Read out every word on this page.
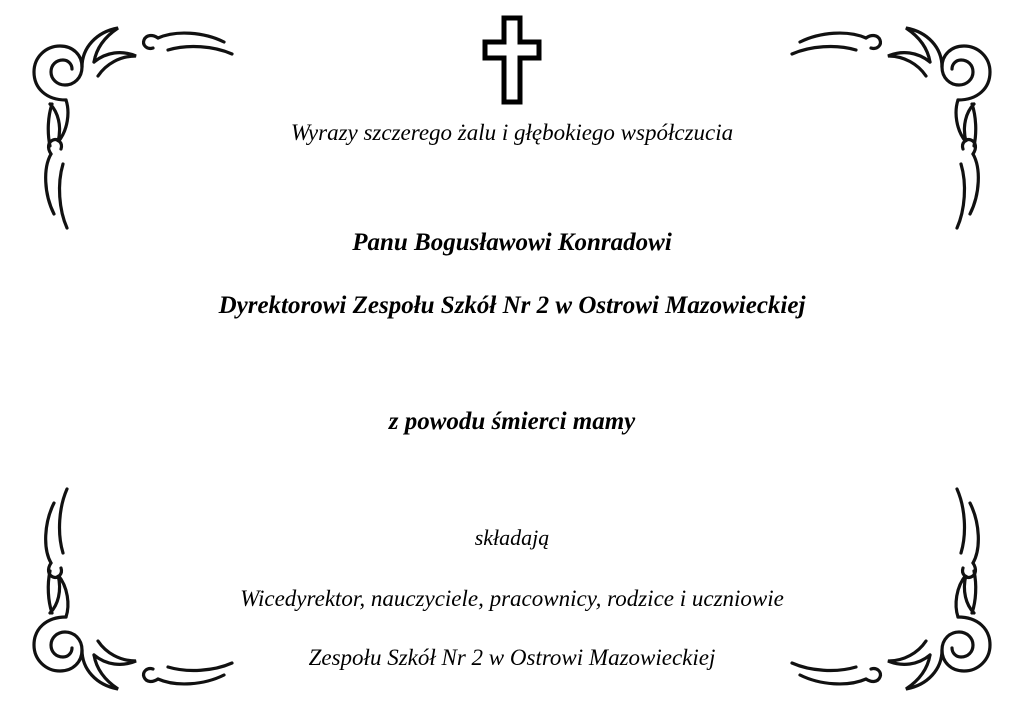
Wyrazy szczerego żalu i głębokiego współczucia
Panu Bogusławowi Konradowi
Dyrektorowi Zespołu Szkół Nr 2 w Ostrowi Mazowieckiej
z powodu śmierci mamy
składają
Wicedyrektor, nauczyciele, pracownicy, rodzice i uczniowie
Zespołu Szkół Nr 2 w Ostrowi Mazowieckiej
